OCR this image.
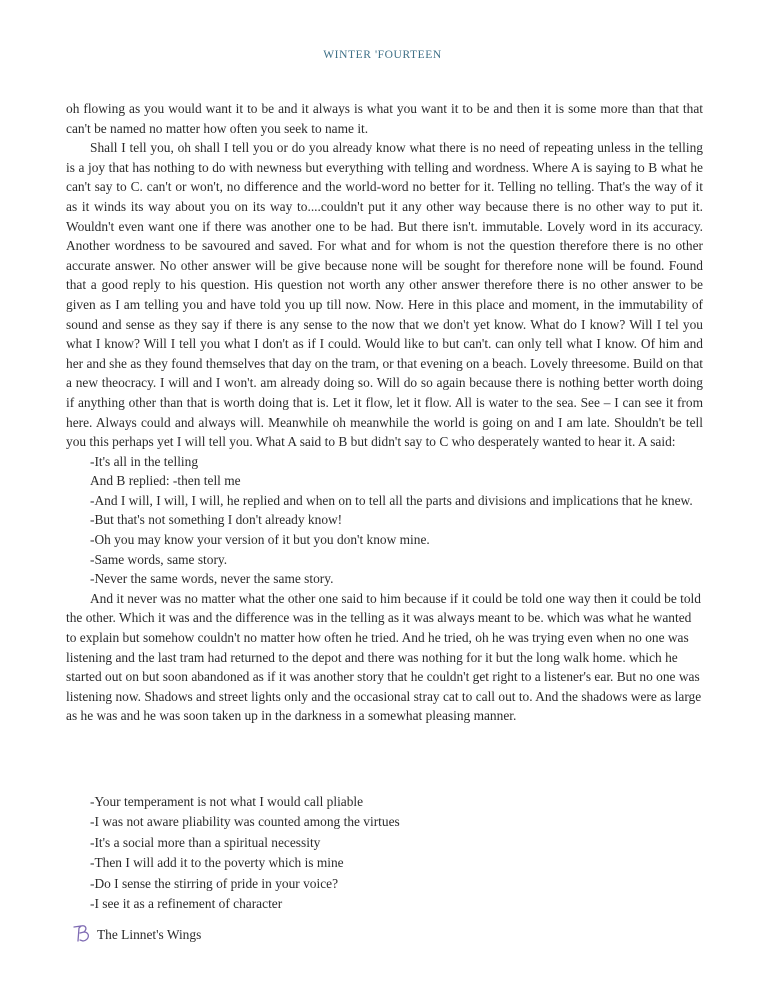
WINTER 'FOURTEEN

oh flowing as you would want it to be and it always is what you want it to be and then it is some more than that that can't be named no matter how often you seek to name it.

Shall I tell you, oh shall I tell you or do you already know what there is no need of repeating unless in the telling is a joy that has nothing to do with newness but everything with telling and wordness. Where A is saying to B what he can't say to C. can't or won't, no difference and the world-word no better for it. Telling no telling. That's the way of it as it winds its way about you on its way to....couldn't put it any other way because there is no other way to put it. Wouldn't even want one if there was another one to be had. But there isn't. immutable. Lovely word in its accuracy. Another wordness to be savoured and saved. For what and for whom is not the question therefore there is no other accurate answer. No other answer will be give because none will be sought for therefore none will be found. Found that a good reply to his question. His question not worth any other answer therefore there is no other answer to be given as I am telling you and have told you up till now. Now. Here in this place and moment, in the immutability of sound and sense as they say if there is any sense to the now that we don't yet know. What do I know? Will I tel you what I know? Will I tell you what I don't as if I could. Would like to but can't. can only tell what I know. Of him and her and she as they found themselves that day on the tram, or that evening on a beach. Lovely threesome. Build on that a new theocracy. I will and I won't. am already doing so. Will do so again because there is nothing better worth doing if anything other than that is worth doing that is. Let it flow, let it flow. All is water to the sea. See – I can see it from here. Always could and always will. Meanwhile oh meanwhile the world is going on and I am late. Shouldn't be tell you this perhaps yet I will tell you. What A said to B but didn't say to C who desperately wanted to hear it. A said:

-It's all in the telling

And B replied: -then tell me

-And I will, I will, I will, he replied and when on to tell all the parts and divisions and implications that he knew.

-But that's not something I don't already know!

-Oh you may know your version of it but you don't know mine.

-Same words, same story.

-Never the same words, never the same story.

And it never was no matter what the other one said to him because if it could be told one way then it could be told the other. Which it was and the difference was in the telling as it was always meant to be. which was what he wanted to explain but somehow couldn't no matter how often he tried. And he tried, oh he was trying even when no one was listening and the last tram had returned to the depot and there was nothing for it but the long walk home. which he started out on but soon abandoned as if it was another story that he couldn't get right to a listener's ear. But no one was listening now. Shadows and street lights only and the occasional stray cat to call out to. And the shadows were as large as he was and he was soon taken up in the darkness in a somewhat pleasing manner.

-Your temperament is not what I would call pliable

-I was not aware pliability was counted among the virtues

-It's a social more than a spiritual necessity

-Then I will add it to the poverty which is mine

-Do I sense the stirring of pride in your voice?

-I see it as a refinement of character

The Linnet's Wings
